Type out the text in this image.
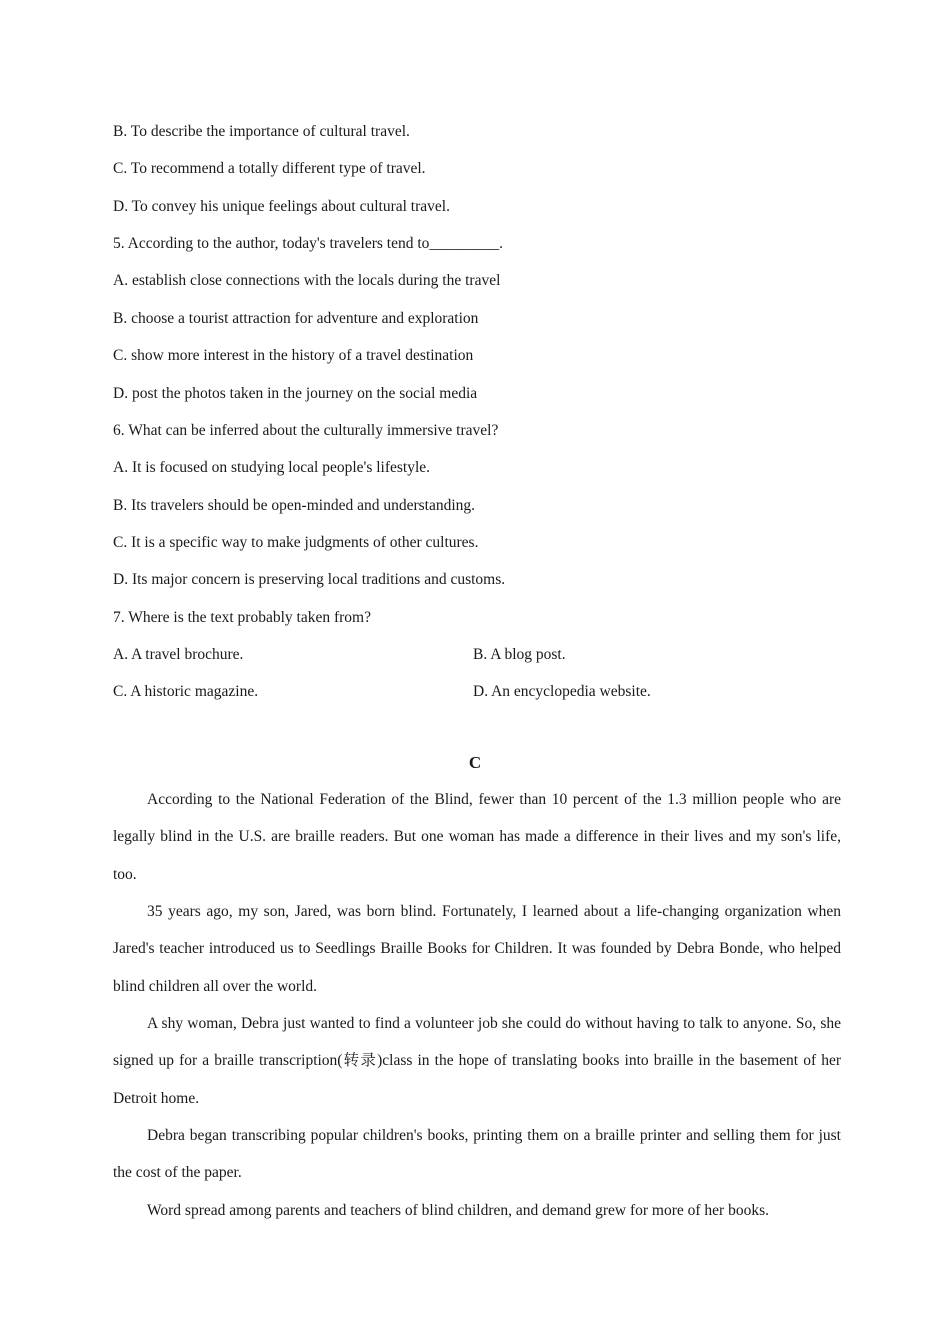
B. To describe the importance of cultural travel.
C. To recommend a totally different type of travel.
D. To convey his unique feelings about cultural travel.
5. According to the author, today's travelers tend to_________.
A. establish close connections with the locals during the travel
B. choose a tourist attraction for adventure and exploration
C. show more interest in the history of a travel destination
D. post the photos taken in the journey on the social media
6. What can be inferred about the culturally immersive travel?
A. It is focused on studying local people's lifestyle.
B. Its travelers should be open-minded and understanding.
C. It is a specific way to make judgments of other cultures.
D. Its major concern is preserving local traditions and customs.
7. Where is the text probably taken from?
A. A travel brochure.	B. A blog post.
C. A historic magazine.	D. An encyclopedia website.
C
According to the National Federation of the Blind, fewer than 10 percent of the 1.3 million people who are legally blind in the U.S. are braille readers. But one woman has made a difference in their lives and my son's life, too.
35 years ago, my son, Jared, was born blind. Fortunately, I learned about a life-changing organization when Jared's teacher introduced us to Seedlings Braille Books for Children. It was founded by Debra Bonde, who helped blind children all over the world.
A shy woman, Debra just wanted to find a volunteer job she could do without having to talk to anyone. So, she signed up for a braille transcription(转录)class in the hope of translating books into braille in the basement of her Detroit home.
Debra began transcribing popular children's books, printing them on a braille printer and selling them for just the cost of the paper.
Word spread among parents and teachers of blind children, and demand grew for more of her books.
